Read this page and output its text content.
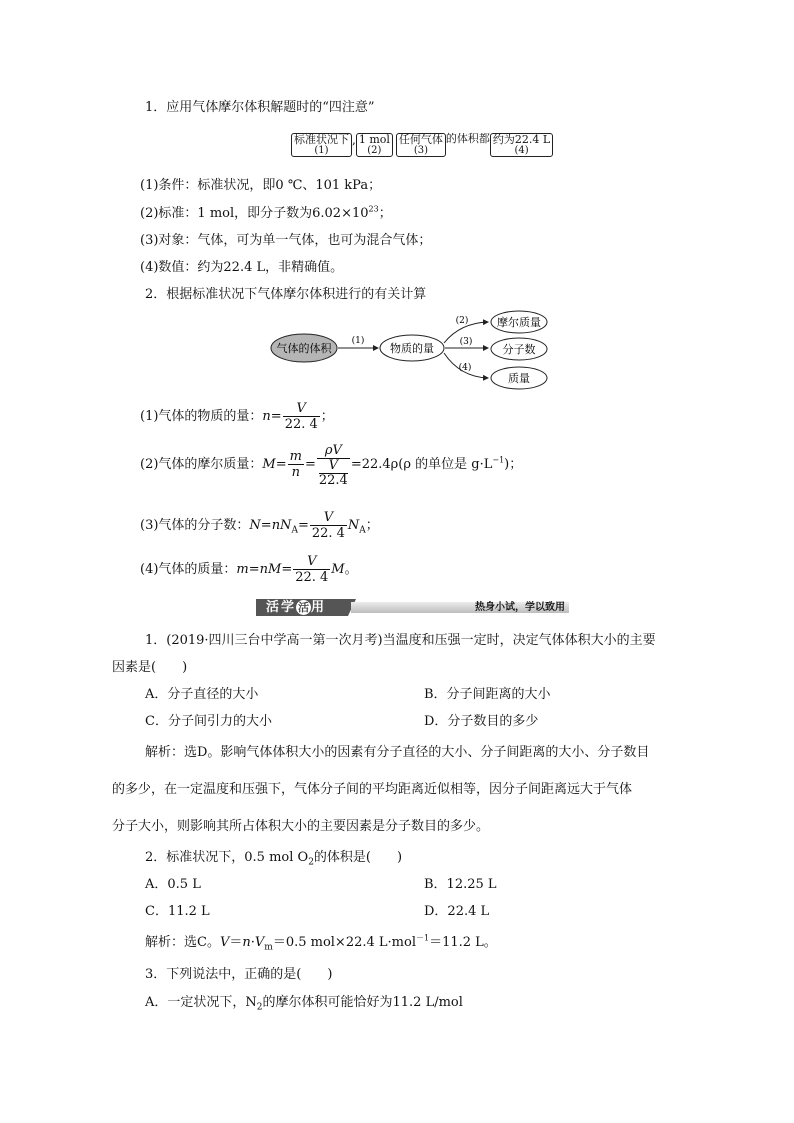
1．应用气体摩尔体积解题时的“四注意”
标准状况下
(1)
, 1 mol
(2)
任何气体
(3)
$^{的体积都}$ 约为22.4 L
(4)
(1)条件：标准状况，即0 ℃、101 kPa；
(2)标准：1 mol，即分子数为$6.02\times 10^{23}$；
(3)对象：气体，可为单一气体，也可为混合气体；
(4)数值：约为22.4 L，非精确值。
2．根据标准状况下气体摩尔体积进行的有关计算
气体的体积
(1)
物质的量
(2)
(3)
(4)
摩尔质量
分子数
质量
(1)气体的物质的量：$n= \frac{V}{22. 4}$ ；
(2)气体的摩尔质量：$M= \frac{m}{n} = \rho V$
V
22.4 =22.4ρ(ρ 的单位是 $g\cdot L^{-1}$)；
(3)气体的分子数：$N=nN_A= \frac{V}{22. 4} N_A$；
(4)气体的质量：$m=nM= \frac{V}{22. 4}$ M。
活学 活 用	热身小试，学以致用
1．(2019·四川三台中学高一第一次月考)当温度和压强一定时，决定气体体积大小的主要
因素是(　　)
A．分子直径的大小	B．分子间距离的大小
C．分子间引力的大小	D．分子数目的多少
解析：选D。影响气体体积大小的因素有分子直径的大小、分子间距离的大小、分子数目
的多少，在一定温度和压强下，气体分子间的平均距离近似相等，因分子间距离远大于气体
分子大小，则影响其所占体积大小的主要因素是分子数目的多少。
2．标准状况下，0.5 mol $O_2$的体积是(　　)
A．0.5 L	B．12.25 L
C．11.2 L	D．22.4 L
解析：选C。$V=n\cdot V_m=0.5$ mol×22.4 L·mol$^{-1}$＝11.2 L。
3．下列说法中，正确的是(　　)
A．一定状况下，$N_2$的摩尔体积可能恰好为11.2 L/mol
